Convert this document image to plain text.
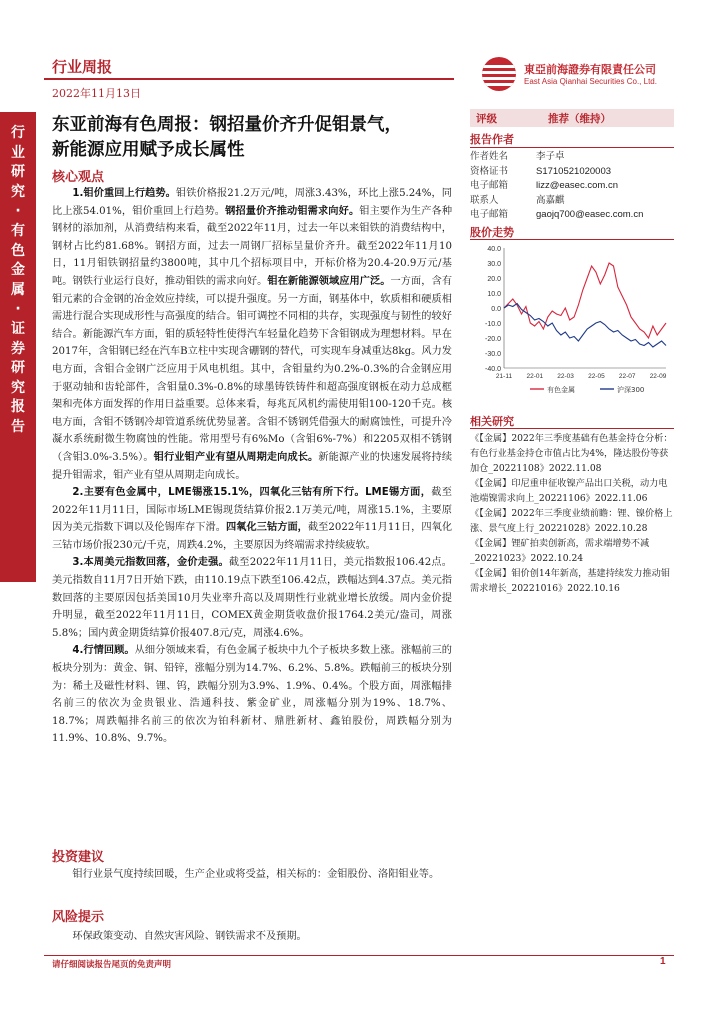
行业周报
2022年11月13日
東亞前海證券有限責任公司
East Asia Qianhai Securities Co., Ltd.
行
业
研
究
·
有
色
金
属
·
证
券
研
究
报
告
东亚前海有色周报：钢招量价齐升促钼景气，
新能源应用赋予成长属性
核心观点

1.钼价重回上行趋势。钼铁价格报21.2万元/吨，周涨3.43%，环比上涨5.24%，同比上涨54.01%，钼价重回上行趋势。钢招量价齐推动钼需求向好。钼主要作为生产各种钢材的添加剂，从消费结构来看，截至2022年11月，过去一年以来钼铁的消费结构中，钢材占比约81.68%。钢招方面，过去一周钢厂招标呈量价齐升。截至2022年11月10日，11月钼铁钢招量约3800吨，其中几个招标项目中，开标价格为20.4-20.9万元/基吨。钢铁行业运行良好，推动钼铁的需求向好。钼在新能源领域应用广泛。一方面，含有钼元素的合金钢的冶金效应持续，可以提升强度。另一方面，钢基体中，软质相和硬质相需进行混合实现成形性与高强度的结合。钼可调控不同相的共存，实现强度与韧性的较好结合。新能源汽车方面，钼的质轻特性使得汽车轻量化趋势下含钼钢成为理想材料。早在2017年，含钼钢已经在汽车B立柱中实现含硼钢的替代，可实现车身减重达8kg。风力发电方面，含钼合金钢广泛应用于风电机组。其中，含钼量约为0.2%-0.3%的合金钢应用于驱动轴和齿轮部件，含钼量0.3%-0.8%的球墨铸铁铸件和超高强度钢板在动力总成框架和壳体方面发挥的作用日益重要。总体来看，每兆瓦风机约需使用钼100-120千克。核电方面，含钼不锈钢冷却管道系统优势显著。含钼不锈钢凭借强大的耐腐蚀性，可提升冷凝水系统耐微生物腐蚀的性能。常用型号有6%Mo（含钼6%-7%）和2205双相不锈钢（含钼3.0%-3.5%）。钼行业钼产业有望从周期走向成长。新能源产业的快速发展将持续提升钼需求，钼产业有望从周期走向成长。

2.主要有色金属中，LME锡涨15.1%，四氧化三钴有所下行。LME锡方面，截至2022年11月11日，国际市场LME锡现货结算价报2.1万美元/吨，周涨15.1%，主要原因为美元指数下调以及伦锡库存下滑。四氧化三钴方面，截至2022年11月11日，四氧化三钴市场价报230元/千克，周跌4.2%，主要原因为终端需求持续疲软。

3.本周美元指数回落，金价走强。截至2022年11月11日，美元指数报106.42点。美元指数自11月7日开始下跌，由110.19点下跌至106.42点，跌幅达到4.37点。美元指数回落的主要原因包括美国10月失业率升高以及周期性行业就业增长放缓。周内金价提升明显，截至2022年11月11日，COMEX黄金期货收盘价报1764.2美元/盎司，周涨5.8%；国内黄金期货结算价报407.8元/克，周涨4.6%。

4.行情回顾。从细分领域来看，有色金属子板块中九个子板块多数上涨。涨幅前三的板块分别为：黄金、铜、铅锌，涨幅分别为14.7%、6.2%、5.8%。跌幅前三的板块分别为：稀土及磁性材料、锂、钨，跌幅分别为3.9%、1.9%、0.4%。个股方面，周涨幅排名前三的依次为金贵银业、浩通科技、紫金矿业，周涨幅分别为19%、18.7%、18.7%；周跌幅排名前三的依次为铂科新材、鼎胜新材、鑫铂股份，周跌幅分别为11.9%、10.8%、9.7%。

投资建议

钼行业景气度持续回暖，生产企业或将受益，相关标的：金钼股份、洛阳钼业等。

风险提示

环保政策变动、自然灾害风险、钢铁需求不及预期。

评级	推荐（维持）
报告作者
作者姓名	李子卓
资格证书	S1710521020003
电子邮箱	lizz@easec.com.cn
联系人	高嘉麒
电子邮箱	gaojq700@easec.com.cn
股价走势
40.0
30.0
20.0
10.0
0.0
-10.0
-20.0
-30.0
-40.0
21-11 22-01 22-03 22-05 22-07 22-09
有色金属	沪深300
相关研究
《【金属】2022年三季度基础有色基金持仓分析：有色行业基金持仓市值占比为4%，隆达股份等获加仓_20221108》2022.11.08
《【金属】印尼重申征收镍产品出口关税，动力电池端镍需求向上_20221106》2022.11.06
《【金属】2022年三季度业绩前瞻：锂、镍价格上涨、景气度上行_20221028》2022.10.28
《【金属】锂矿拍卖创新高，需求端增势不减_20221023》2022.10.24
《【金属】钼价创14年新高，基建持续发力推动钼需求增长_20221016》2022.10.16
请仔细阅读报告尾页的免责声明	1
